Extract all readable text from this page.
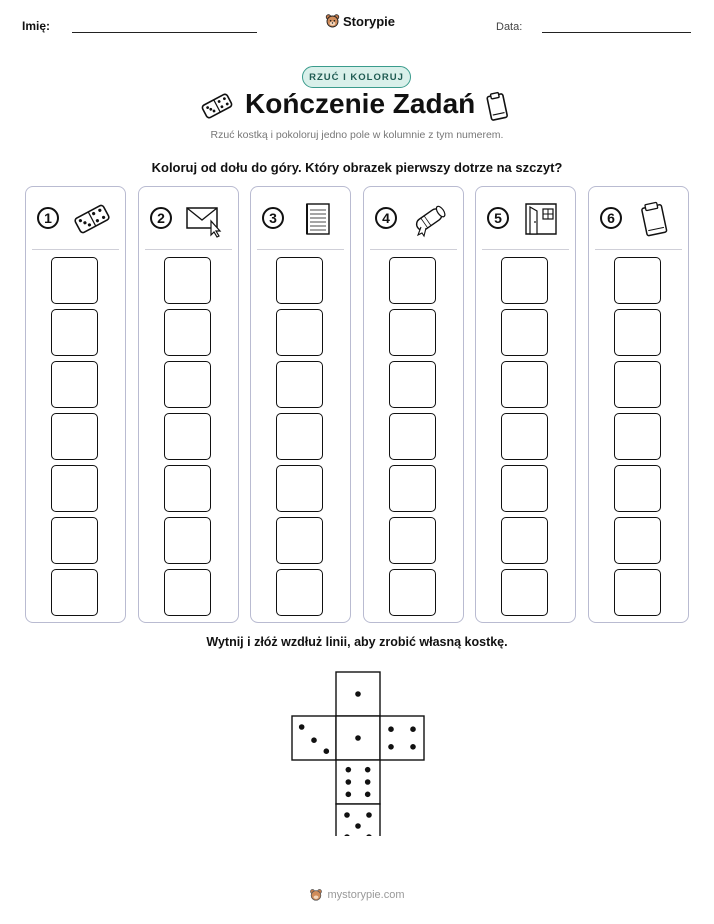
Imię:	Storypie	Data:
RZUĆ I KOLORUJ
Kończenie Zadań
Rzuć kostką i pokoloruj jedno pole w kolumnie z tym numerem.
Koloruj od dołu do góry. Który obrazek pierwszy dotrze na szczyt?
1	2	3	4	5	6
Wytnij i złóż wzdłuż linii, aby zrobić własną kostkę.
mystorypie.com
